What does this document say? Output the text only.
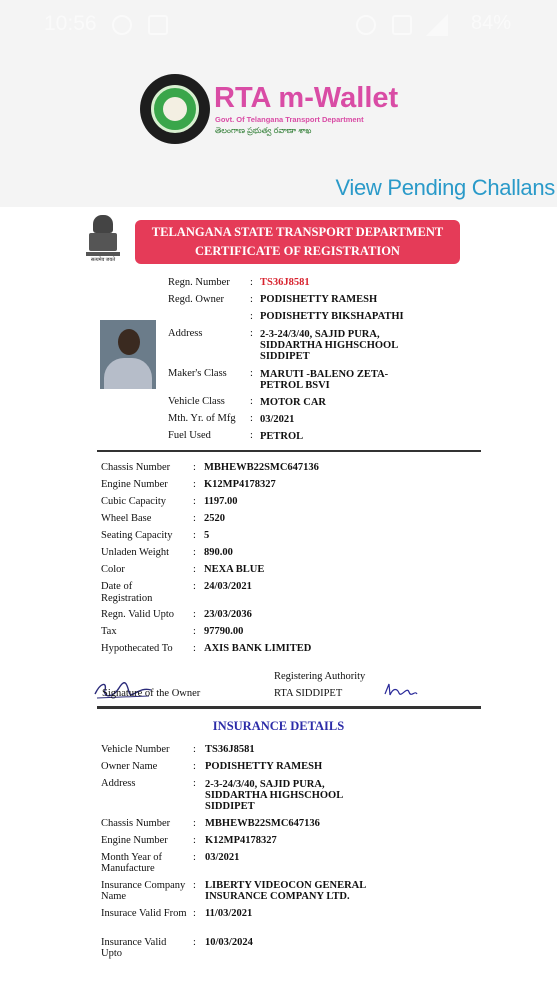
10:56	84%
RTA m-Wallet
Govt. Of Telangana Transport Department
తెలంగాణ ప్రభుత్వ రవాణా శాఖ
View Pending Challans
सत्यमेव जयते
TELANGANA STATE TRANSPORT DEPARTMENT
CERTIFICATE OF REGISTRATION
Regn. Number : TS36J8581
Regd. Owner : PODISHETTY RAMESH
: PODISHETTY BIKSHAPATHI
Address	: 2-3-24/3/40, SAJID PURA, SIDDARTHA HIGHSCHOOL SIDDIPET
Maker's Class : MARUTI -BALENO ZETA-PETROL BSVI
Vehicle Class : MOTOR CAR
Mth. Yr. of Mfg : 03/2021
Fuel Used	: PETROL
Chassis Number : MBHEWB22SMC647136
Engine Number : K12MP4178327
Cubic Capacity	: 1197.00
Wheel Base	: 2520
Seating Capacity : 5
Unladen Weight : 890.00
Color	: NEXA BLUE
Date of Registration
: 24/03/2021
Regn. Valid Upto : 23/03/2036
Tax	: 97790.00
Hypothecated To : AXIS BANK LIMITED
Signature of the Owner
Registering Authority
RTA SIDDIPET
INSURANCE DETAILS
Vehicle Number : TS36J8581
Owner Name	: PODISHETTY RAMESH
Address	: 2-3-24/3/40, SAJID PURA, SIDDARTHA HIGHSCHOOL SIDDIPET
Chassis Number : MBHEWB22SMC647136
Engine Number : K12MP4178327
Month Year of Manufacture
: 03/2021
Insurance Company Name
: LIBERTY VIDEOCON GENERAL INSURANCE COMPANY LTD.
Insurace Valid From : 11/03/2021
Insurance Valid Upto
: 10/03/2024
